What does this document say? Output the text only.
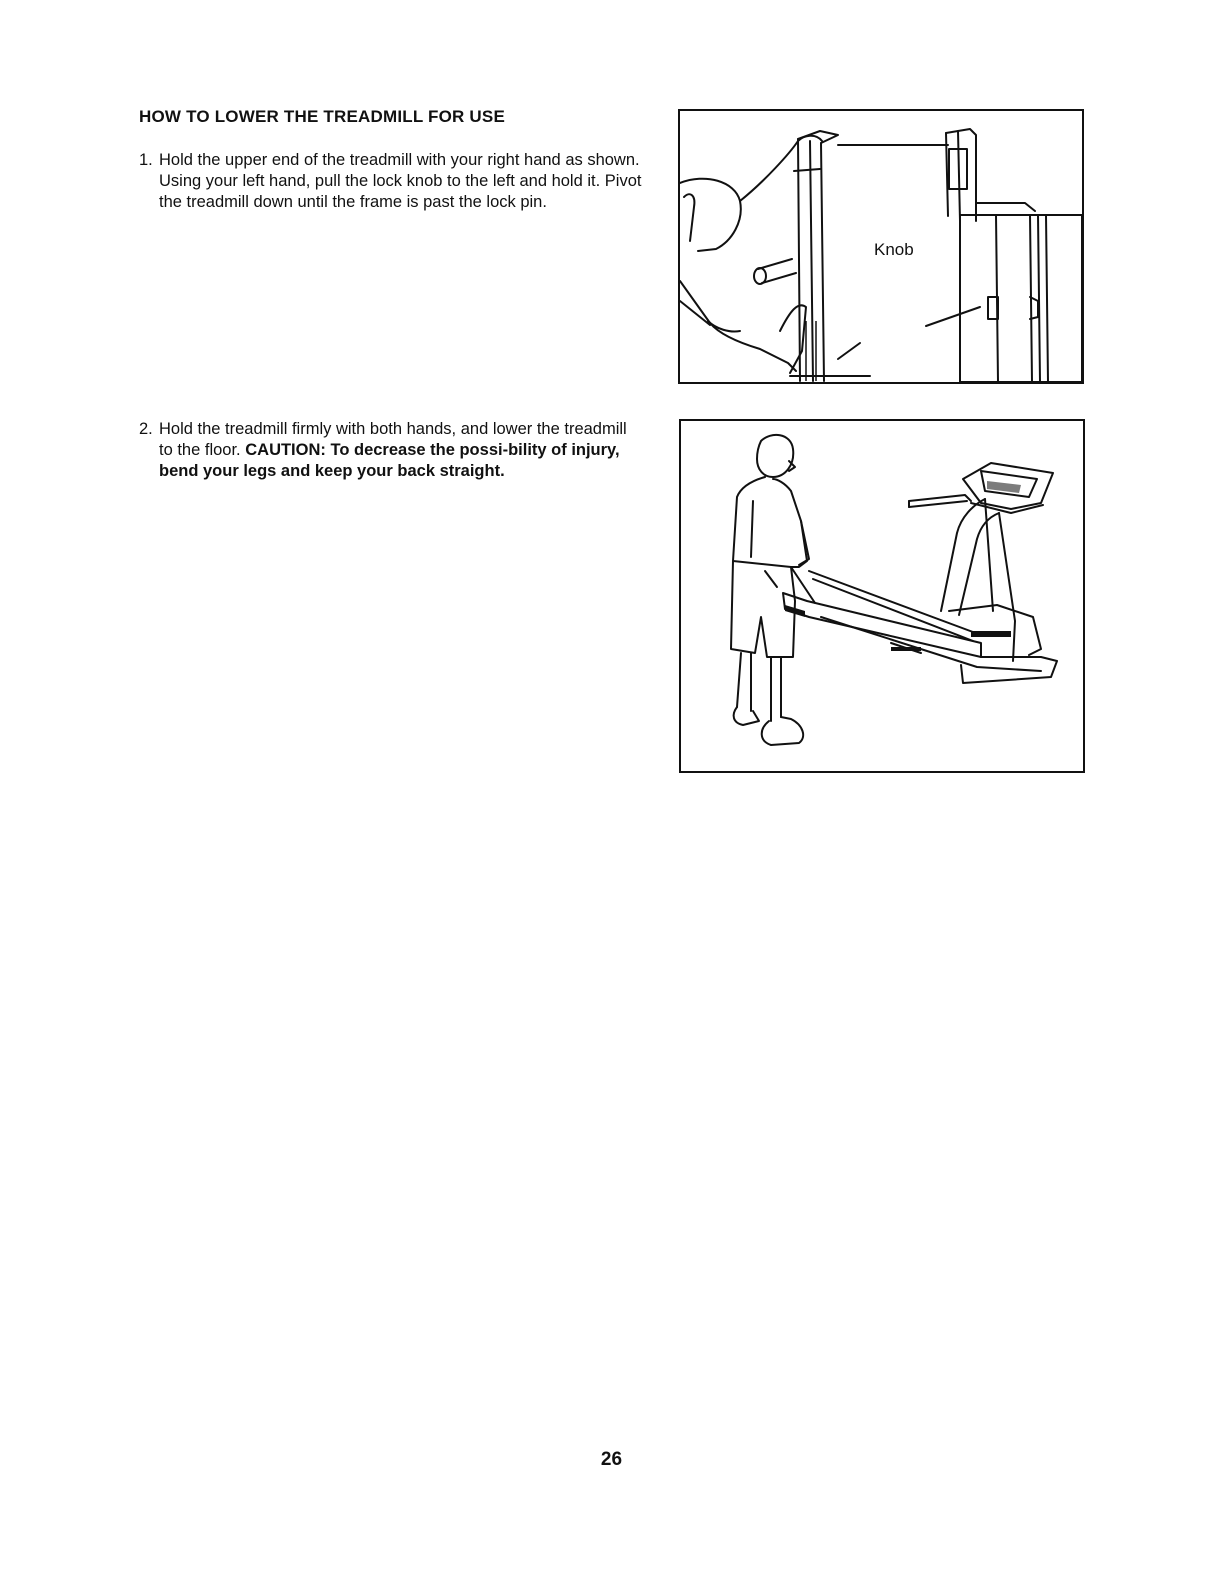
HOW TO LOWER THE TREADMILL FOR USE
1. Hold the upper end of the treadmill with your right hand as shown. Using your left hand, pull the lock knob to the left and hold it. Pivot the treadmill down until the frame is past the lock pin.
2. Hold the treadmill firmly with both hands, and lower the treadmill to the floor. CAUTION: To decrease the possi-bility of injury, bend your legs and keep your back straight.
Knob
26
